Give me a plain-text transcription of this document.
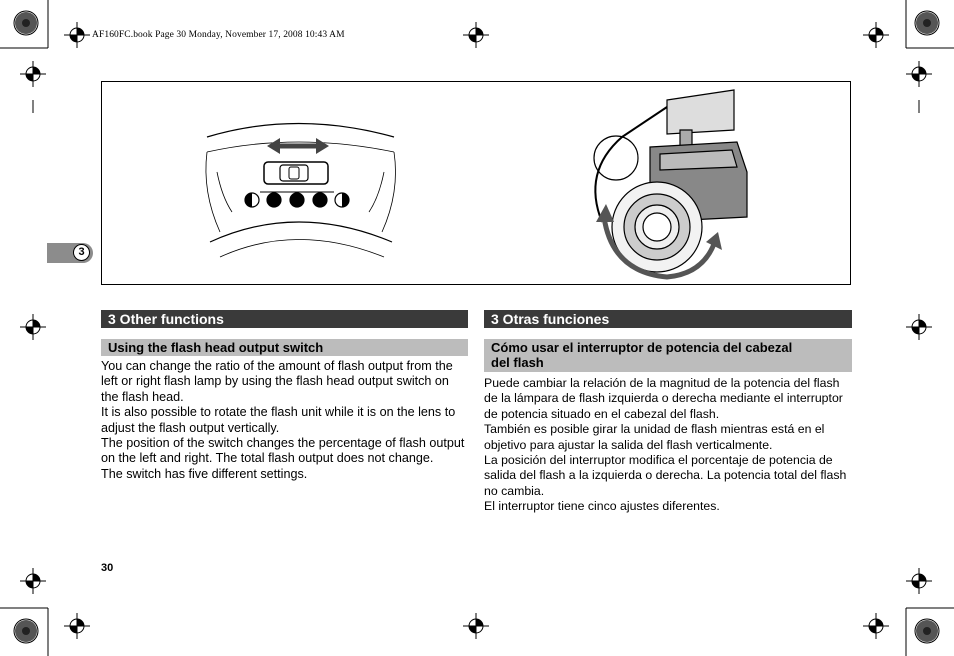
AF160FC.book Page 30 Monday, November 17, 2008 10:43 AM
3
3 Other functions
Using the flash head output switch

You can change the ratio of the amount of flash output from the left or right flash lamp by using the flash head output switch on the flash head.

It is also possible to rotate the flash unit while it is on the lens to adjust the flash output vertically.

The position of the switch changes the percentage of flash output on the left and right. The total flash output does not change.

The switch has five different settings.

3 Otras funciones
Cómo usar el interruptor de potencia del cabezal
del flash

Puede cambiar la relación de la magnitud de la potencia del flash de la lámpara de flash izquierda o derecha mediante el interruptor de potencia situado en el cabezal del flash.

También es posible girar la unidad de flash mientras está en el objetivo para ajustar la salida del flash verticalmente.

La posición del interruptor modifica el porcentaje de potencia de salida del flash a la izquierda o derecha. La potencia total del flash no cambia.

El interruptor tiene cinco ajustes diferentes.

30
